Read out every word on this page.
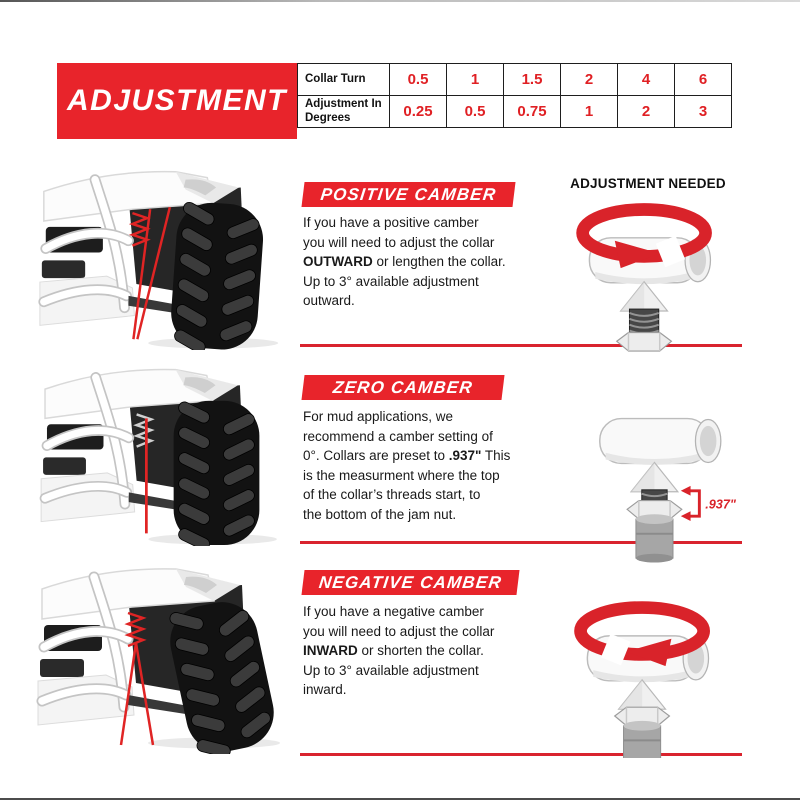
ADJUSTMENT
Collar Turn	0.5	1	1.5	2	4	6
Adjustment In Degrees	0.25	0.5	0.75	1	2	3
POSITIVE CAMBER
If you have a positive camber
you will need to adjust the collar
OUTWARD or lengthen the collar.
Up to 3° available adjustment
outward.
ADJUSTMENT NEEDED
ZERO CAMBER
For mud applications, we
recommend a camber setting of
0°. Collars are preset to .937" This
is the measurment where the top
of the collar’s threads start, to
the bottom of the jam nut.
.937"
NEGATIVE CAMBER
If you have a negative camber
you will need to adjust the collar
INWARD or shorten the collar.
Up to 3° available adjustment
inward.
